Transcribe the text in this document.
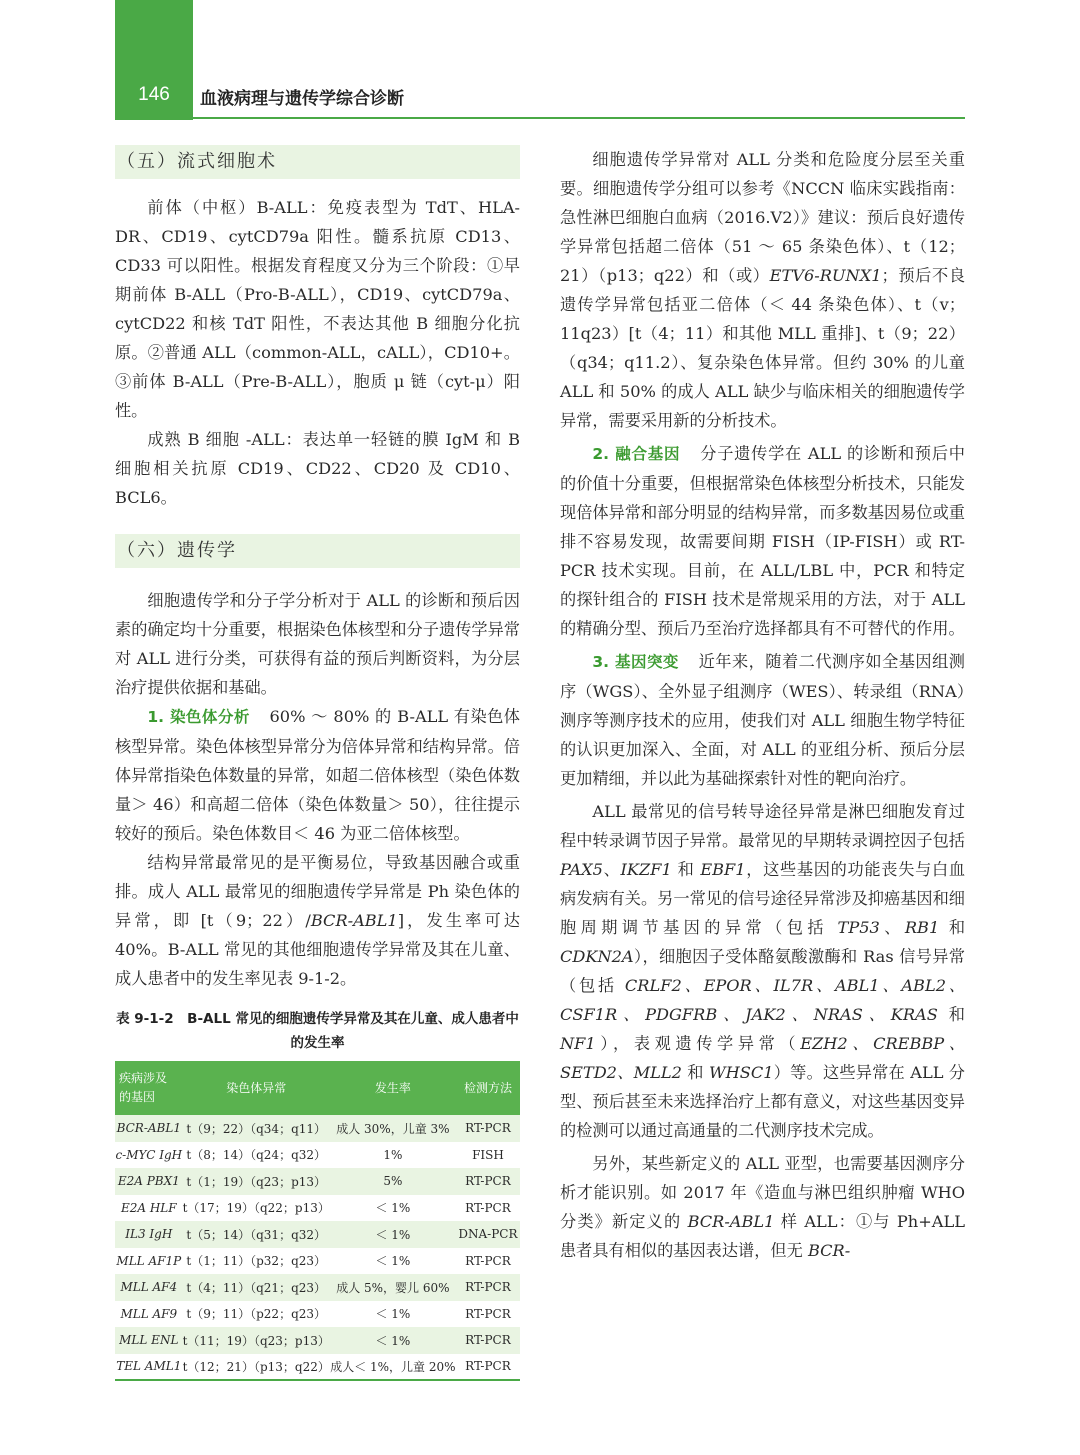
146	血液病理与遗传学综合诊断
（五）流式细胞术

前体（中枢）B-ALL：免疫表型为 TdT、HLA-DR、CD19、cytCD79a 阳性。髓系抗原 CD13、CD33 可以阳性。根据发育程度又分为三个阶段：①早期前体 B-ALL（Pro-B-ALL），CD19、cytCD79a、cytCD22 和核 TdT 阳性，不表达其他 B 细胞分化抗原。②普通 ALL（common-ALL，cALL），CD10+。③前体 B-ALL（Pre-B-ALL），胞质 μ 链（cyt-μ）阳性。

成熟 B 细胞 -ALL：表达单一轻链的膜 IgM 和 B 细胞相关抗原 CD19、CD22、CD20 及 CD10、BCL6。

（六）遗传学

细胞遗传学和分子学分析对于 ALL 的诊断和预后因素的确定均十分重要，根据染色体核型和分子遗传学异常对 ALL 进行分类，可获得有益的预后判断资料，为分层治疗提供依据和基础。

1. 染色体分析 60% ～ 80% 的 B-ALL 有染色体核型异常。染色体核型异常分为倍体异常和结构异常。倍体异常指染色体数量的异常，如超二倍体核型（染色体数量＞ 46）和高超二倍体（染色体数量＞ 50），往往提示较好的预后。染色体数目＜ 46 为亚二倍体核型。

结构异常最常见的是平衡易位，导致基因融合或重排。成人 ALL 最常见的细胞遗传学异常是 Ph 染色体的异常，即 [t（9；22）/BCR-ABL1]，发生率可达 40%。B-ALL 常见的其他细胞遗传学异常及其在儿童、成人患者中的发生率见表 9-1-2。

表 9-1-2　B-ALL 常见的细胞遗传学异常及其在儿童、成人患者中的发生率
疾病涉及的基因	染色体异常	发生率	检测方法
BCR-ABL1	t（9；22）（q34；q11）	成人 30%，儿童 3%	RT-PCR
c-MYC IgH	t（8；14）（q24；q32）	1%	FISH
E2A PBX1	t（1；19）（q23；p13）	5%	RT-PCR
E2A HLF	t（17；19）（q22；p13）	＜ 1%	RT-PCR
IL3 IgH	t（5；14）（q31；q32）	＜ 1%	DNA-PCR
MLL AF1P	t（1；11）（p32；q23）	＜ 1%	RT-PCR
MLL AF4	t（4；11）（q21；q23）	成人 5%，婴儿 60%	RT-PCR
MLL AF9	t（9；11）（p22；q23）	＜ 1%	RT-PCR
MLL ENL	t（11；19）（q23；p13）	＜ 1%	RT-PCR
TEL AML1	t（12；21）（p13；q22）	成人＜ 1%，儿童 20%	RT-PCR

细胞遗传学异常对 ALL 分类和危险度分层至关重要。细胞遗传学分组可以参考《NCCN 临床实践指南：急性淋巴细胞白血病（2016.V2）》建议：预后良好遗传学异常包括超二倍体（51 ～ 65 条染色体）、t（12；21）（p13；q22）和（或）ETV6-RUNX1；预后不良遗传学异常包括亚二倍体（＜ 44 条染色体）、t（v；11q23）[t（4；11）和其他 MLL 重排]、t（9；22）（q34；q11.2）、复杂染色体异常。但约 30% 的儿童 ALL 和 50% 的成人 ALL 缺少与临床相关的细胞遗传学异常，需要采用新的分析技术。

2. 融合基因 分子遗传学在 ALL 的诊断和预后中的价值十分重要，但根据常染色体核型分析技术，只能发现倍体异常和部分明显的结构异常，而多数基因易位或重排不容易发现，故需要间期 FISH（IP-FISH）或 RT-PCR 技术实现。目前，在 ALL/LBL 中，PCR 和特定的探针组合的 FISH 技术是常规采用的方法，对于 ALL 的精确分型、预后乃至治疗选择都具有不可替代的作用。

3. 基因突变 近年来，随着二代测序如全基因组测序（WGS）、全外显子组测序（WES）、转录组（RNA）测序等测序技术的应用，使我们对 ALL 细胞生物学特征的认识更加深入、全面，对 ALL 的亚组分析、预后分层更加精细，并以此为基础探索针对性的靶向治疗。

ALL 最常见的信号转导途径异常是淋巴细胞发育过程中转录调节因子异常。最常见的早期转录调控因子包括 PAX5、IKZF1 和 EBF1，这些基因的功能丧失与白血病发病有关。另一常见的信号途径异常涉及抑癌基因和细胞周期调节基因的异常（包括 TP53、RB1 和 CDKN2A），细胞因子受体酪氨酸激酶和 Ras 信号异常（包括 CRLF2、EPOR、IL7R、ABL1、ABL2、CSF1R、PDGFRB、JAK2、NRAS、KRAS 和 NF1），表观遗传学异常（EZH2、CREBBP、SETD2、MLL2 和 WHSC1）等。这些异常在 ALL 分型、预后甚至未来选择治疗上都有意义，对这些基因变异的检测可以通过高通量的二代测序技术完成。

另外，某些新定义的 ALL 亚型，也需要基因测序分析才能识别。如 2017 年《造血与淋巴组织肿瘤 WHO 分类》新定义的 BCR-ABL1 样 ALL：①与 Ph+ALL 患者具有相似的基因表达谱，但无 BCR-
